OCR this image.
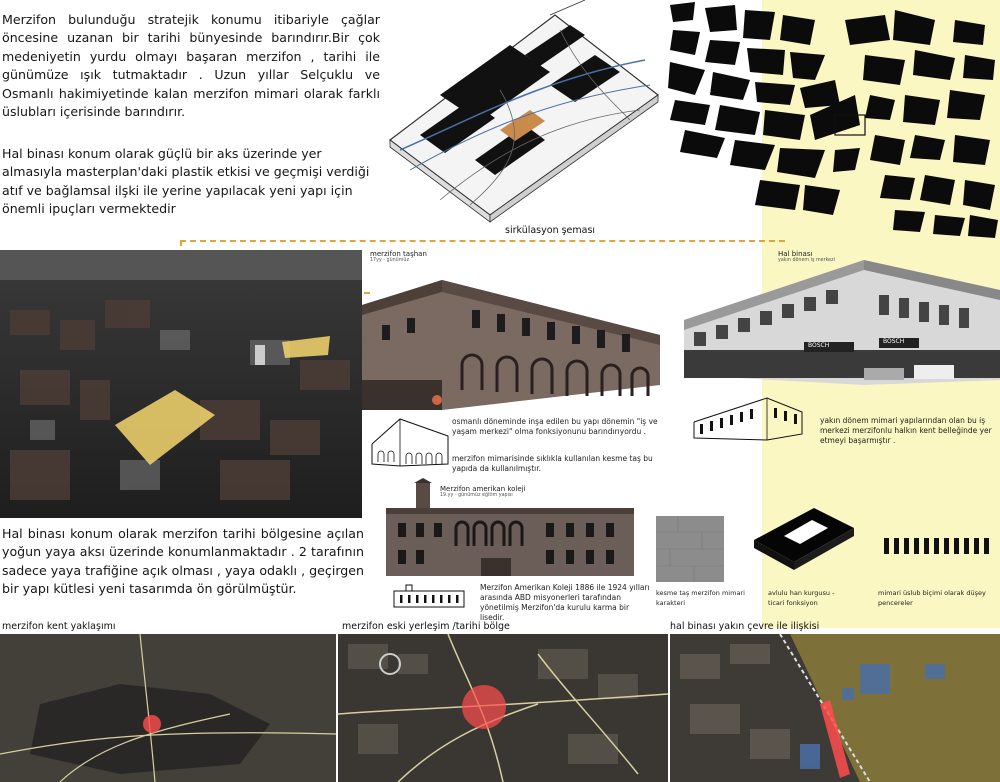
Merzifon bulunduğu stratejik konumu itibariyle çağlar öncesine uzanan bir tarihi bünyesinde barındırır.Bir çok medeniyetin yurdu olmayı başaran merzifon , tarihi ile günümüze ışık tutmaktadır . Uzun yıllar Selçuklu ve Osmanlı hakimiyetinde kalan merzifon mimari olarak farklı üslubları içerisinde barındırır.

Hal binası konum olarak güçlü bir aks üzerinde yer almasıyla masterplan'daki plastik etkisi ve geçmişi verdiği atıf ve bağlamsal ilşki ile yerine yapılacak yeni yapı için önemli ipuçları vermektedir
sirkülasyon şeması
merzifon taşhan
17yy - günümüz
Hal binası
yakın dönem iş merkezi
BOSCH
BOSCH
osmanlı döneminde inşa edilen bu yapı dönemin "iş ve yaşam merkezi" olma fonksiyonunu barındırıyordu .
merzifon mimarisinde sıklıkla kullanılan kesme taş bu yapıda da kullanılmıştır.
yakın dönem mimari yapılarından olan bu iş merkezi merzifonlu halkın kent belleğinde yer etmeyi başarmıştır .
Hal binası konum olarak merzifon tarihi bölgesine açılan yoğun yaya aksı üzerinde konumlanmaktadır . 2 tarafının sadece yaya trafiğine açık olması , yaya odaklı , geçirgen bir yapı kütlesi yeni tasarımda ön görülmüştür.
Merzifon amerikan koleji
19.yy - günümüz eğitim yapısı
Merzifon Amerikan Koleji 1886 ile 1924 yılları arasında ABD misyonerleri tarafından yönetilmiş Merzifon'da kurulu karma bir lisedir.
kesme taş merzifon mimari karakteri
avlulu han kurgusu -ticari fonksiyon
mimari üslub biçimi olarak düşey pencereler
merzifon kent yaklaşımı	merzifon eski yerleşim /tarihi bölge	hal binası yakın çevre ile ilişkisi
